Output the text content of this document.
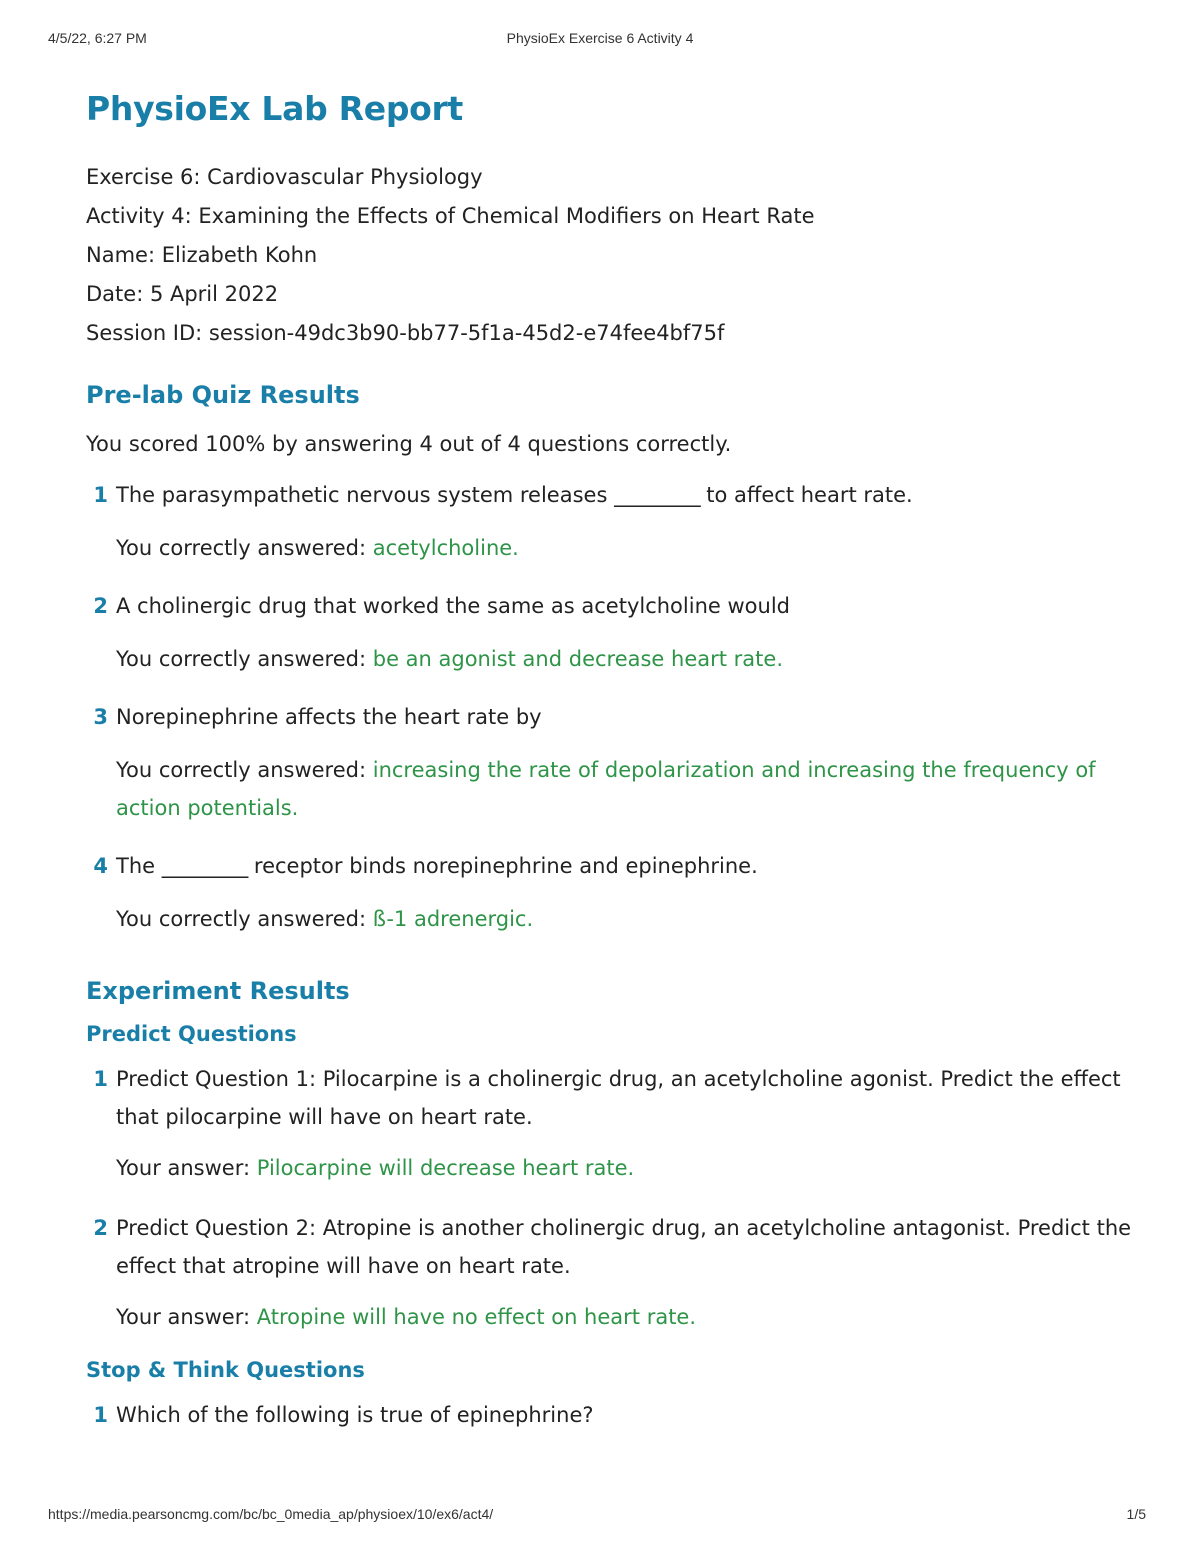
4/5/22, 6:27 PM	PhysioEx Exercise 6 Activity 4
PhysioEx Lab Report
Exercise 6: Cardiovascular Physiology
Activity 4: Examining the Effects of Chemical Modifiers on Heart Rate
Name: Elizabeth Kohn
Date: 5 April 2022
Session ID: session-49dc3b90-bb77-5f1a-45d2-e74fee4bf75f
Pre-lab Quiz Results
You scored 100% by answering 4 out of 4 questions correctly.
1 The parasympathetic nervous system releases _________ to affect heart rate.
You correctly answered: acetylcholine.
2 A cholinergic drug that worked the same as acetylcholine would
You correctly answered: be an agonist and decrease heart rate.
3 Norepinephrine affects the heart rate by
You correctly answered: increasing the rate of depolarization and increasing the frequency of action potentials.
4 The _________ receptor binds norepinephrine and epinephrine.
You correctly answered: ß-1 adrenergic.
Experiment Results
Predict Questions
1 Predict Question 1: Pilocarpine is a cholinergic drug, an acetylcholine agonist. Predict the effect that pilocarpine will have on heart rate.
Your answer: Pilocarpine will decrease heart rate.
2 Predict Question 2: Atropine is another cholinergic drug, an acetylcholine antagonist. Predict the effect that atropine will have on heart rate.
Your answer: Atropine will have no effect on heart rate.
Stop & Think Questions
1 Which of the following is true of epinephrine?
https://media.pearsoncmg.com/bc/bc_0media_ap/physioex/10/ex6/act4/	1/5
